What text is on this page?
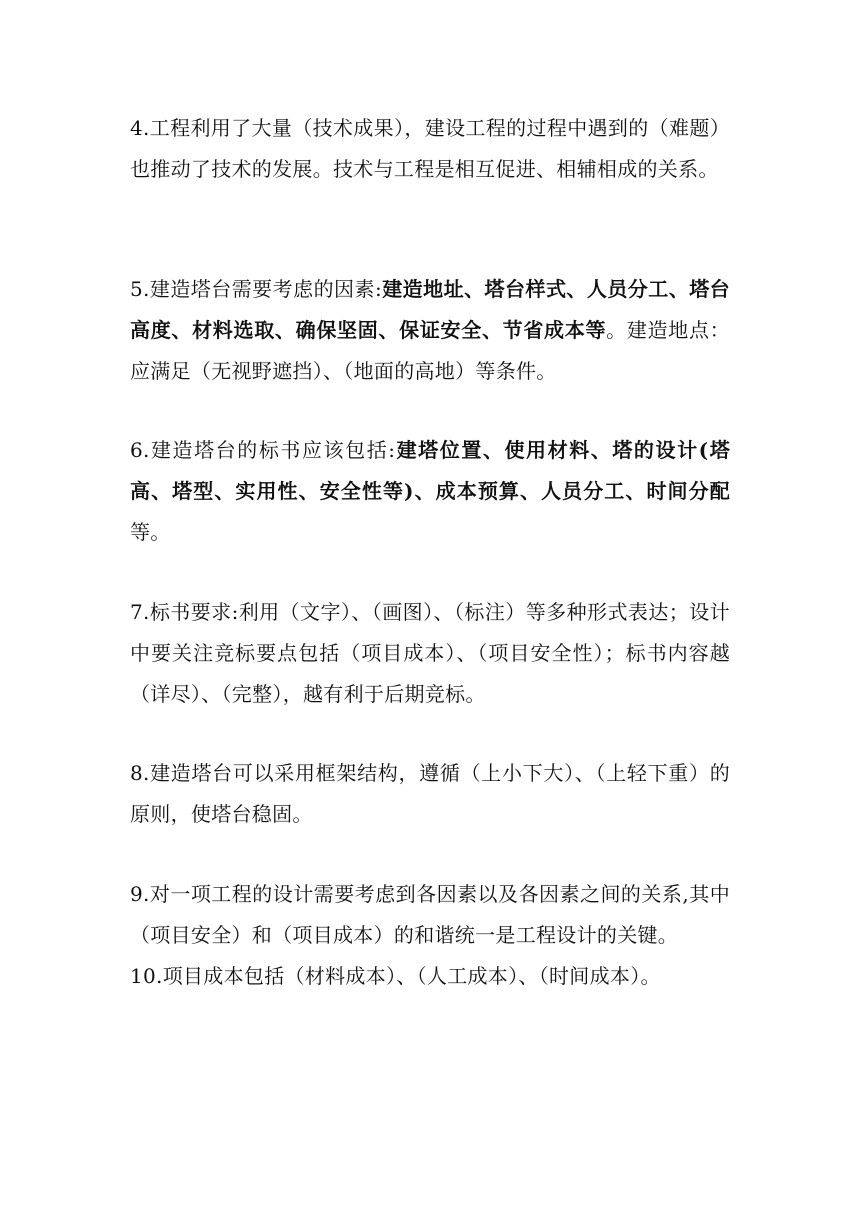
4.工程利用了大量（技术成果），建设工程的过程中遇到的（难题）也推动了技术的发展。技术与工程是相互促进、相辅相成的关系。

5.建造塔台需要考虑的因素:建造地址、塔台样式、人员分工、塔台高度、材料选取、确保坚固、保证安全、节省成本等。建造地点：应满足（无视野遮挡）、（地面的高地）等条件。

6.建造塔台的标书应该包括:建塔位置、使用材料、塔的设计(塔高、塔型、实用性、安全性等)、成本预算、人员分工、时间分配等。

7.标书要求:利用（文字）、（画图）、（标注）等多种形式表达；设计中要关注竞标要点包括（项目成本）、（项目安全性）；标书内容越（详尽）、（完整），越有利于后期竞标。

8.建造塔台可以采用框架结构，遵循（上小下大）、（上轻下重）的原则，使塔台稳固。

9.对一项工程的设计需要考虑到各因素以及各因素之间的关系,其中（项目安全）和（项目成本）的和谐统一是工程设计的关键。

10.项目成本包括（材料成本）、（人工成本）、（时间成本）。
